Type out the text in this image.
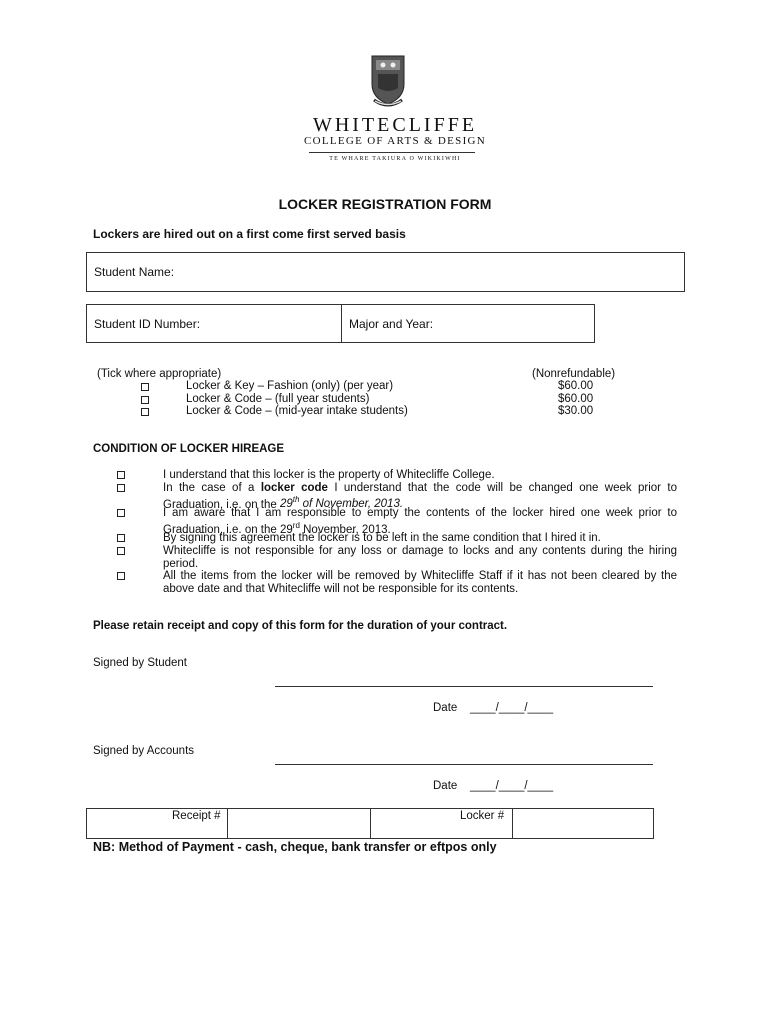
WHITECLIFFE
COLLEGE OF ARTS & DESIGN
TE WHARE TAKIURA O WIKIKIWHI
LOCKER REGISTRATION FORM
Lockers are hired out on a first come first served basis
Student Name:
Student ID Number:	Major and Year:
(Tick where appropriate)	(Nonrefundable)
Locker & Key – Fashion (only) (per year)	$60.00
Locker & Code – (full year students)	$60.00
Locker & Code – (mid-year intake students)	$30.00
CONDITION OF LOCKER HIREAGE
I understand that this locker is the property of Whitecliffe College.
In the case of a locker code I understand that the code will be changed one week prior to Graduation, i.e. on the 29th of November, 2013.
I am aware that I am responsible to empty the contents of the locker hired one week prior to Graduation, i.e. on the 29rd November, 2013.
By signing this agreement the locker is to be left in the same condition that I hired it in.
Whitecliffe is not responsible for any loss or damage to locks and any contents during the hiring period.
All the items from the locker will be removed by Whitecliffe Staff if it has not been cleared by the above date and that Whitecliffe will not be responsible for its contents.
Please retain receipt and copy of this form for the duration of your contract.
Signed by Student
Date ____/____/____
Signed by Accounts
Date ____/____/____
Receipt #	Locker #
NB: Method of Payment - cash, cheque, bank transfer or eftpos only
